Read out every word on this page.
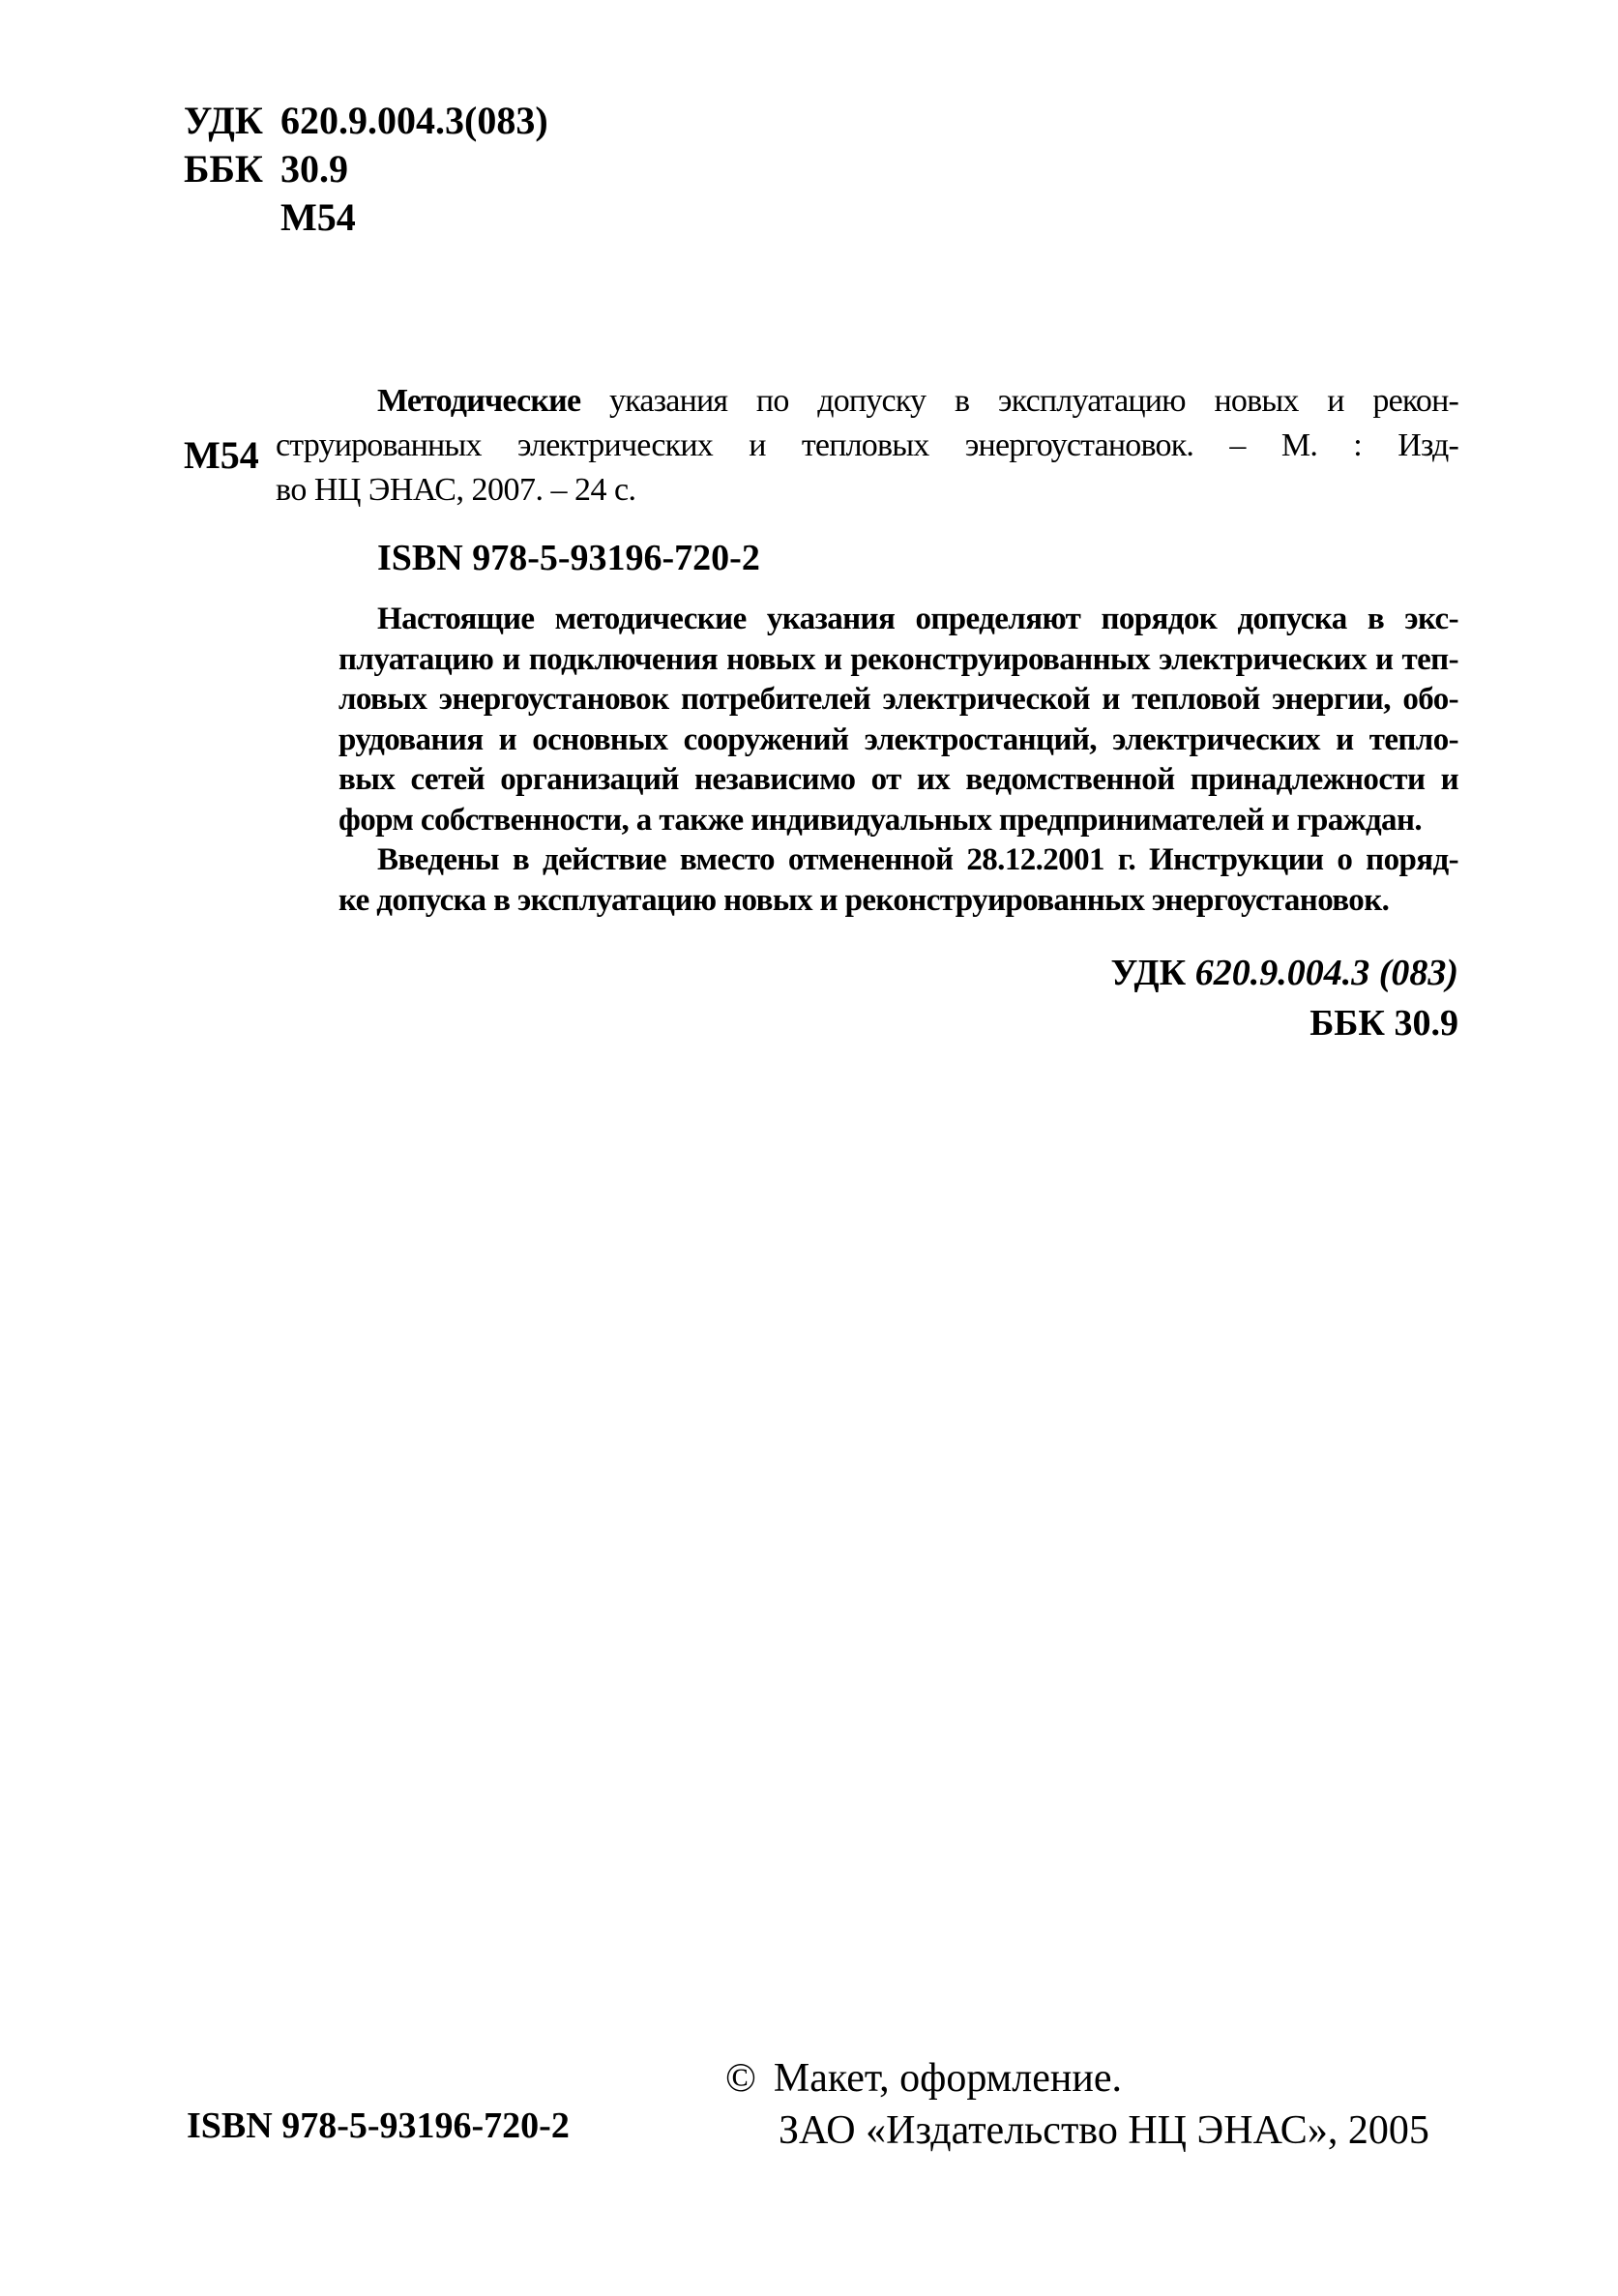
УДК 620.9.004.3(083)
ББК 30.9
М54
М54
Методические указания по допуску в эксплуатацию новых и рекон-
струированных электрических и тепловых энергоустановок. – М. : Изд-
во НЦ ЭНАС, 2007. – 24 с.
ISBN 978-5-93196-720-2
Настоящие методические указания определяют порядок допуска в экс-
плуатацию и подключения новых и реконструированных электрических и теп-
ловых энергоустановок потребителей электрической и тепловой энергии, обо-
рудования и основных сооружений электростанций, электрических и тепло-
вых сетей организаций независимо от их ведомственной принадлежности и
форм собственности, а также индивидуальных предпринимателей и граждан.
Введены в действие вместо отмененной 28.12.2001 г. Инструкции о поряд-
ке допуска в эксплуатацию новых и реконструированных энергоустановок.
УДК 620.9.004.3 (083)
ББК 30.9
© Макет, оформление.
ЗАО «Издательство НЦ ЭНАС», 2005
ISBN 978-5-93196-720-2
